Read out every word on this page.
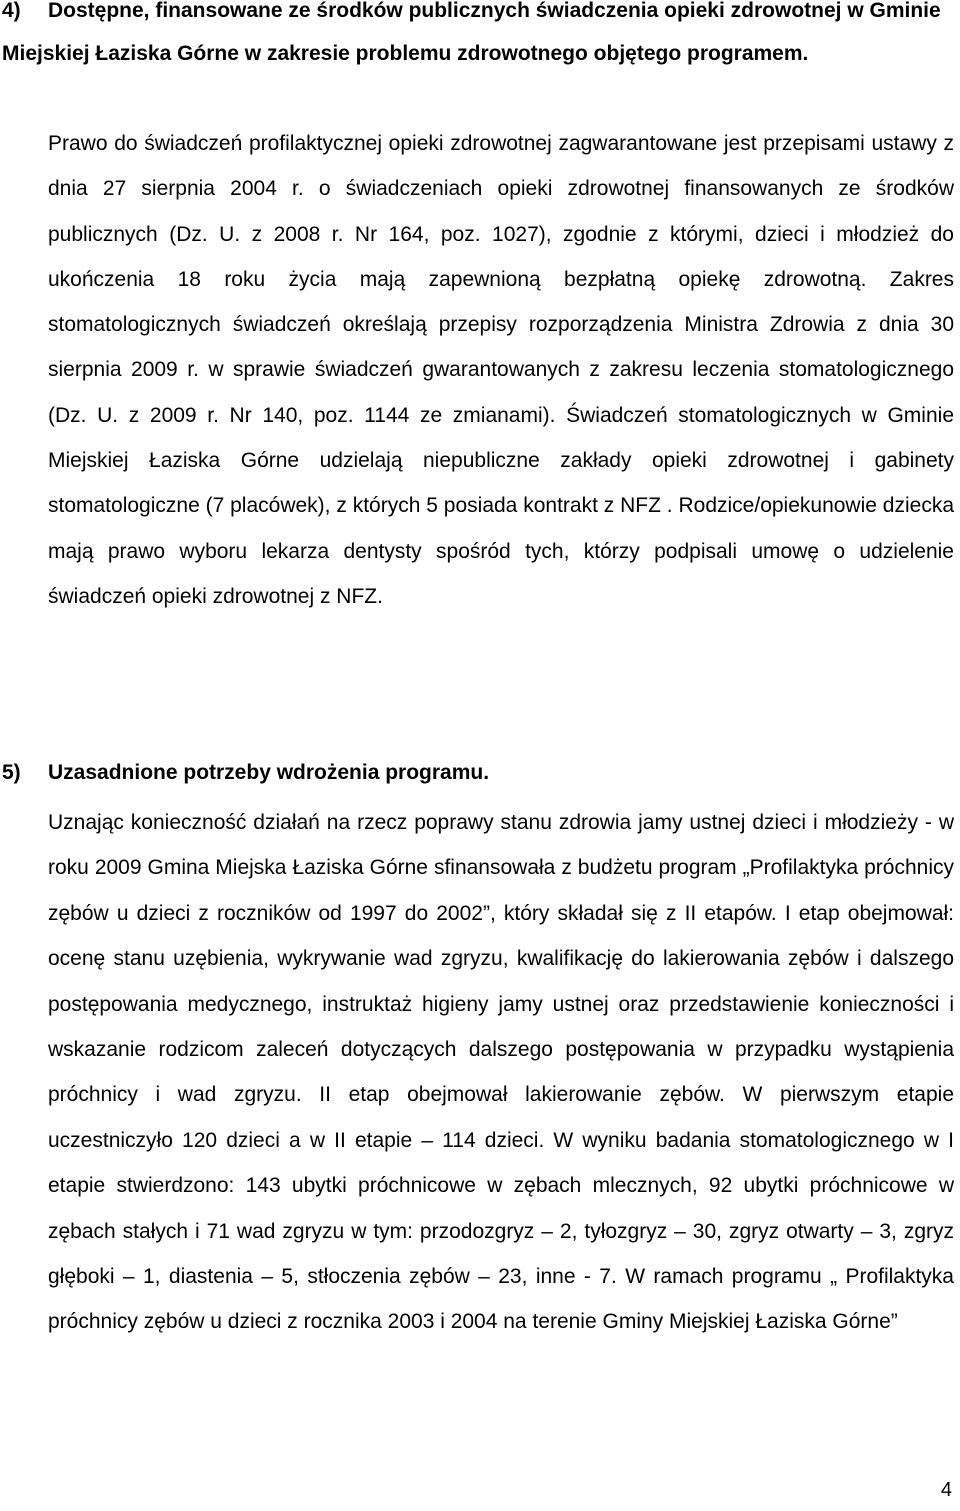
4) Dostępne, finansowane ze środków publicznych świadczenia opieki zdrowotnej w Gminie Miejskiej Łaziska Górne w zakresie problemu zdrowotnego objętego programem.

Prawo do świadczeń profilaktycznej opieki zdrowotnej zagwarantowane jest przepisami ustawy z dnia 27 sierpnia 2004 r. o świadczeniach opieki zdrowotnej finansowanych ze środków publicznych (Dz. U. z 2008 r. Nr 164, poz. 1027), zgodnie z którymi, dzieci i młodzież do ukończenia 18 roku życia mają zapewnioną bezpłatną opiekę zdrowotną. Zakres stomatologicznych świadczeń określają przepisy rozporządzenia Ministra Zdrowia z dnia 30 sierpnia 2009 r. w sprawie świadczeń gwarantowanych z zakresu leczenia stomatologicznego (Dz. U. z 2009 r. Nr 140, poz. 1144 ze zmianami). Świadczeń stomatologicznych w Gminie Miejskiej Łaziska Górne udzielają niepubliczne zakłady opieki zdrowotnej i gabinety stomatologiczne (7 placówek), z których 5 posiada kontrakt z NFZ . Rodzice/opiekunowie dziecka mają prawo wyboru lekarza dentysty spośród tych, którzy podpisali umowę o udzielenie świadczeń opieki zdrowotnej z NFZ.

5) Uzasadnione potrzeby wdrożenia programu.

Uznając konieczność działań na rzecz poprawy stanu zdrowia jamy ustnej dzieci i młodzieży - w roku 2009 Gmina Miejska Łaziska Górne sfinansowała z budżetu program „Profilaktyka próchnicy zębów u dzieci z roczników od 1997 do 2002”, który składał się z II etapów. I etap obejmował: ocenę stanu uzębienia, wykrywanie wad zgryzu, kwalifikację do lakierowania zębów i dalszego postępowania medycznego, instruktaż higieny jamy ustnej oraz przedstawienie konieczności i wskazanie rodzicom zaleceń dotyczących dalszego postępowania w przypadku wystąpienia próchnicy i wad zgryzu. II etap obejmował lakierowanie zębów. W pierwszym etapie uczestniczyło 120 dzieci a w II etapie – 114 dzieci. W wyniku badania stomatologicznego w I etapie stwierdzono: 143 ubytki próchnicowe w zębach mlecznych, 92 ubytki próchnicowe w zębach stałych i 71 wad zgryzu w tym: przodozgryz – 2, tyłozgryz – 30, zgryz otwarty – 3, zgryz głęboki – 1, diastenia – 5, stłoczenia zębów – 23, inne - 7. W ramach programu „ Profilaktyka próchnicy zębów u dzieci z rocznika 2003 i 2004 na terenie Gminy Miejskiej Łaziska Górne”

4
